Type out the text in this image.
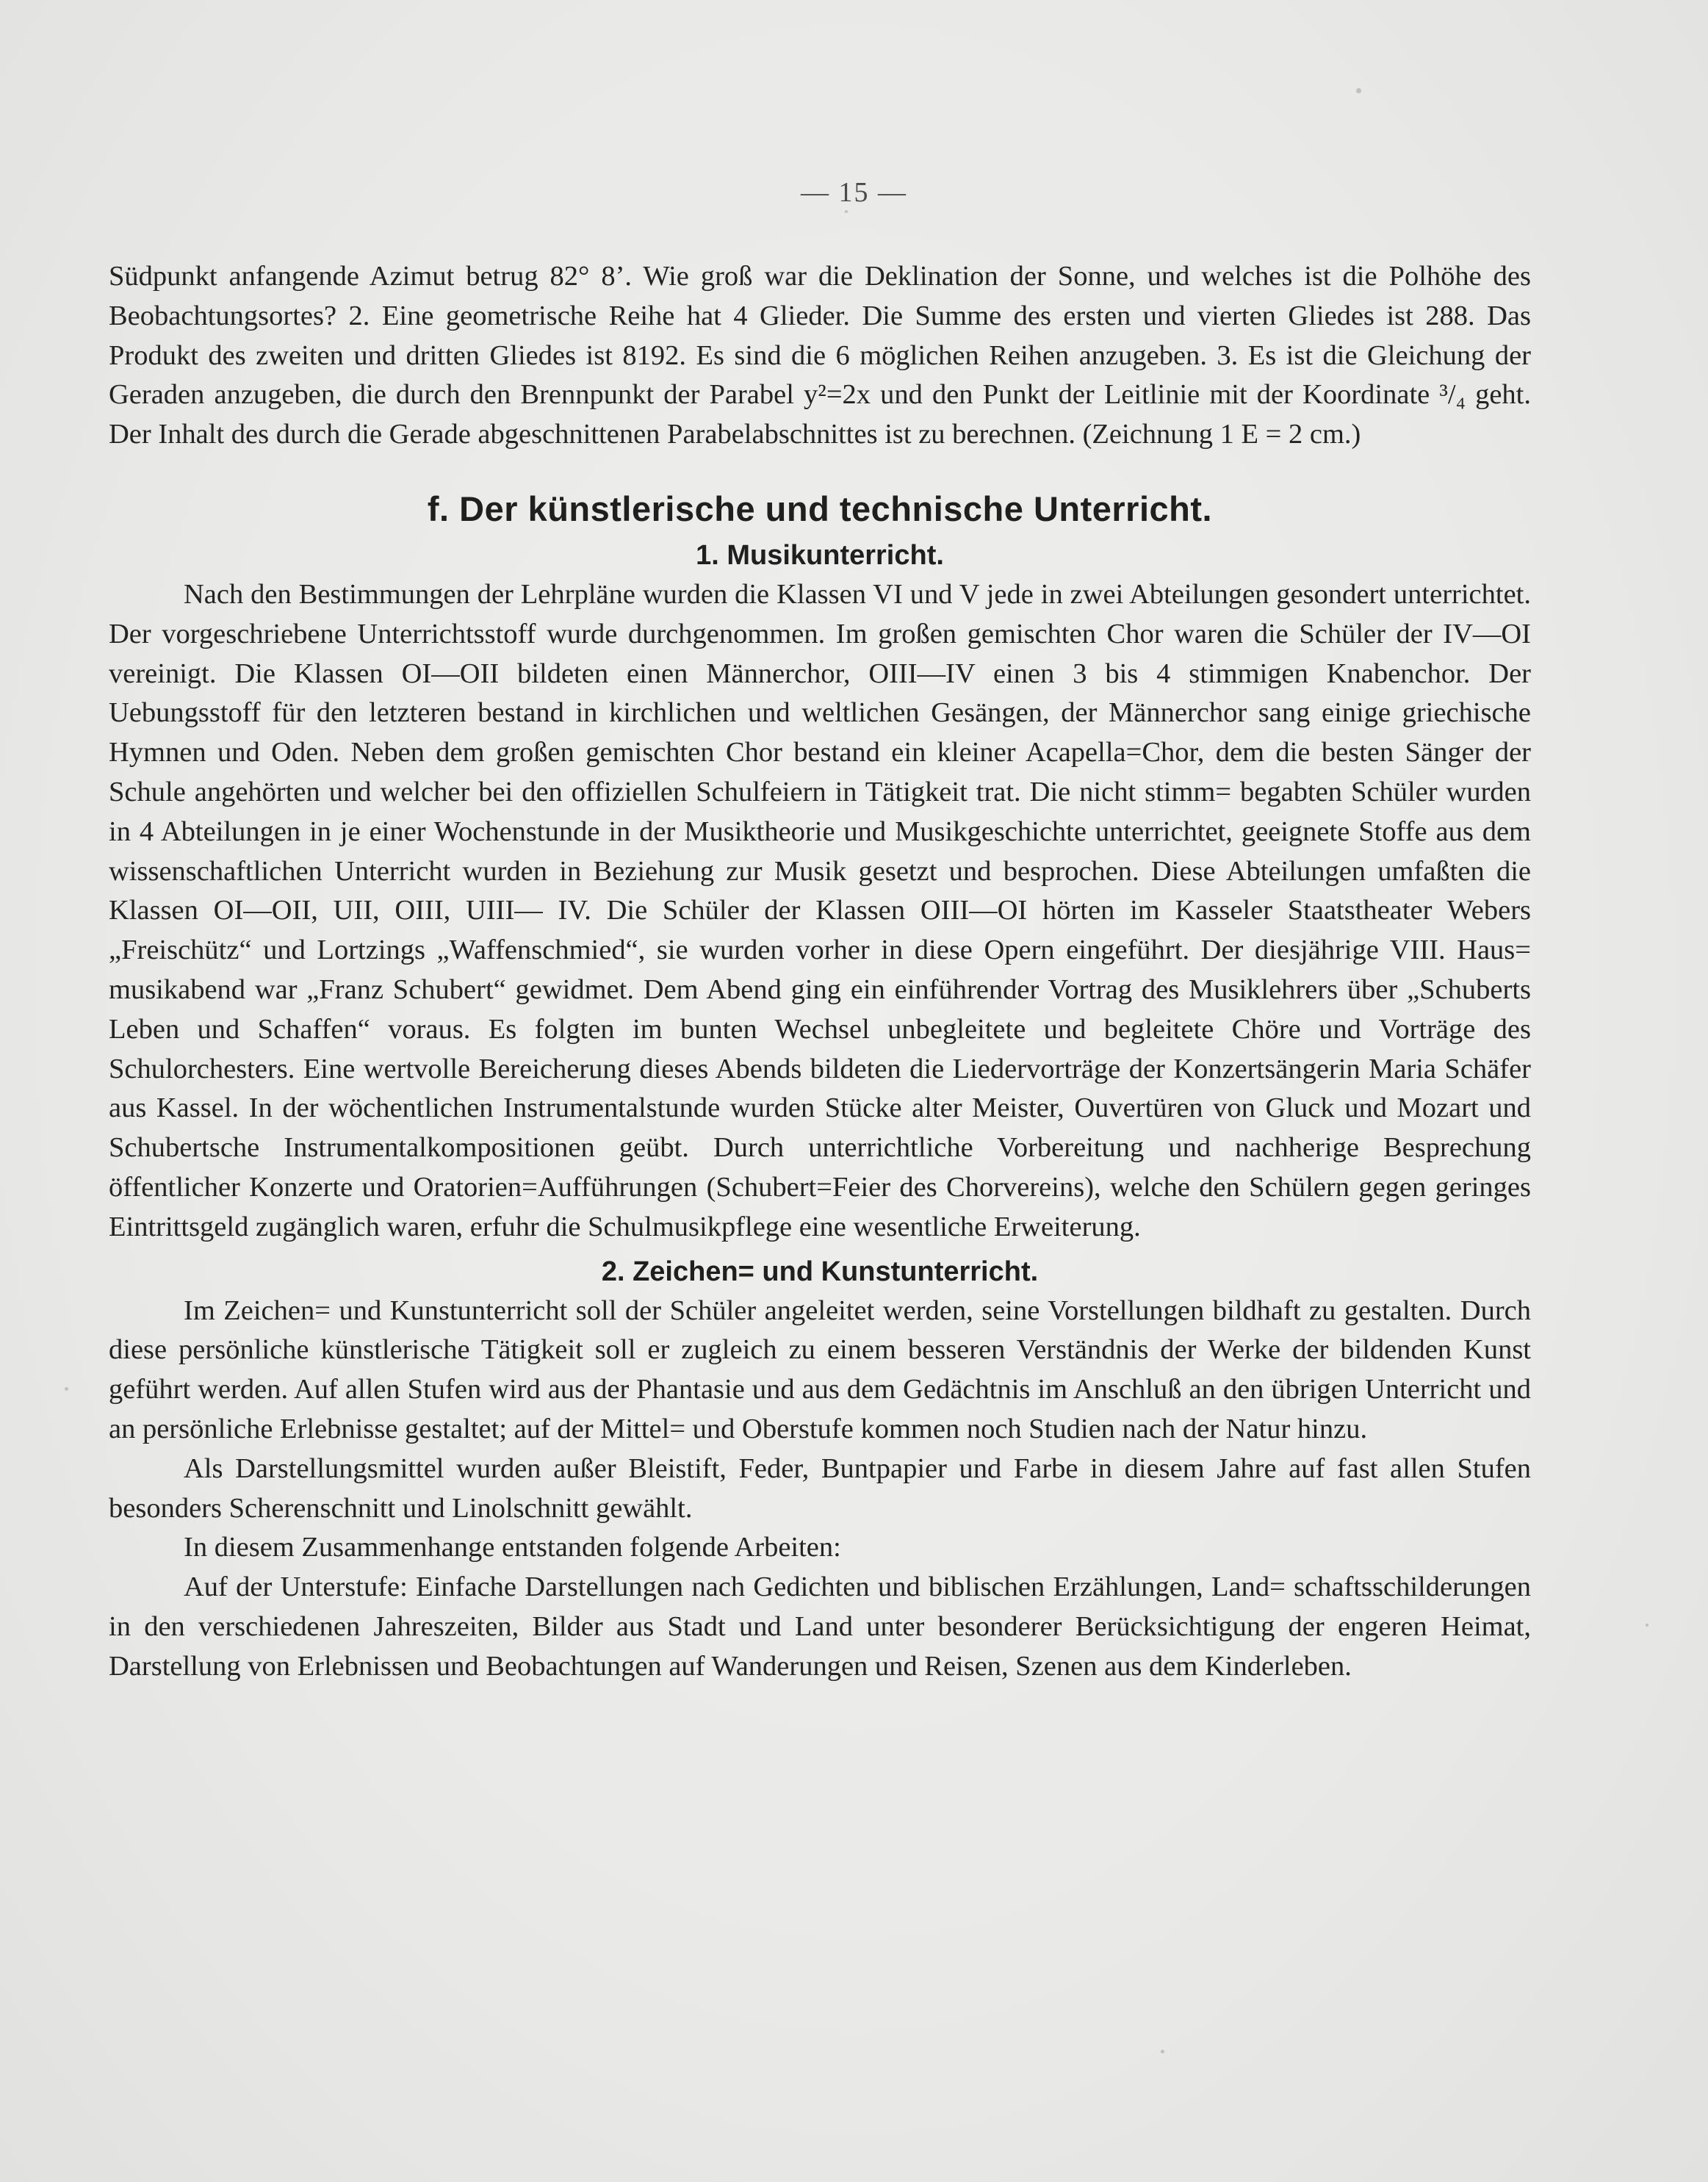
— 15 —

Südpunkt anfangende Azimut betrug 82° 8’. Wie groß war die Deklination der Sonne, und welches ist die Polhöhe des Beobachtungsortes? 2. Eine geometrische Reihe hat 4 Glieder. Die Summe des ersten und vierten Gliedes ist 288. Das Produkt des zweiten und dritten Gliedes ist 8192. Es sind die 6 möglichen Reihen anzugeben. 3. Es ist die Gleichung der Geraden anzugeben, die durch den Brennpunkt der Parabel y²=2x und den Punkt der Leitlinie mit der Koordinate ³/₄ geht. Der Inhalt des durch die Gerade abgeschnittenen Parabelabschnittes ist zu berechnen. (Zeichnung 1 E = 2 cm.)

f. Der künstlerische und technische Unterricht.
1. Musikunterricht.

Nach den Bestimmungen der Lehrpläne wurden die Klassen VI und V jede in zwei Abteilungen gesondert unterrichtet. Der vorgeschriebene Unterrichtsstoff wurde durchgenommen. Im großen gemischten Chor waren die Schüler der IV—OI vereinigt. Die Klassen OI—OII bildeten einen Männerchor, OIII—IV einen 3 bis 4 stimmigen Knabenchor. Der Uebungsstoff für den letzteren bestand in kirchlichen und weltlichen Gesängen, der Männerchor sang einige griechische Hymnen und Oden. Neben dem großen gemischten Chor bestand ein kleiner Acapella=Chor, dem die besten Sänger der Schule angehörten und welcher bei den offiziellen Schulfeiern in Tätigkeit trat. Die nicht stimm= begabten Schüler wurden in 4 Abteilungen in je einer Wochenstunde in der Musiktheorie und Musikgeschichte unterrichtet, geeignete Stoffe aus dem wissenschaftlichen Unterricht wurden in Beziehung zur Musik gesetzt und besprochen. Diese Abteilungen umfaßten die Klassen OI—OII, UII, OIII, UIII— IV. Die Schüler der Klassen OIII—OI hörten im Kasseler Staatstheater Webers „Freischütz“ und Lortzings „Waffenschmied“, sie wurden vorher in diese Opern eingeführt. Der diesjährige VIII. Haus= musikabend war „Franz Schubert“ gewidmet. Dem Abend ging ein einführender Vortrag des Musiklehrers über „Schuberts Leben und Schaffen“ voraus. Es folgten im bunten Wechsel unbegleitete und begleitete Chöre und Vorträge des Schulorchesters. Eine wertvolle Bereicherung dieses Abends bildeten die Liedervorträge der Konzertsängerin Maria Schäfer aus Kassel. In der wöchentlichen Instrumentalstunde wurden Stücke alter Meister, Ouvertüren von Gluck und Mozart und Schubertsche Instrumentalkompositionen geübt. Durch unterrichtliche Vorbereitung und nachherige Besprechung öffentlicher Konzerte und Oratorien=Aufführungen (Schubert=Feier des Chorvereins), welche den Schülern gegen geringes Eintrittsgeld zugänglich waren, erfuhr die Schulmusikpflege eine wesentliche Erweiterung.

2. Zeichen= und Kunstunterricht.

Im Zeichen= und Kunstunterricht soll der Schüler angeleitet werden, seine Vorstellungen bildhaft zu gestalten. Durch diese persönliche künstlerische Tätigkeit soll er zugleich zu einem besseren Verständnis der Werke der bildenden Kunst geführt werden. Auf allen Stufen wird aus der Phantasie und aus dem Gedächtnis im Anschluß an den übrigen Unterricht und an persönliche Erlebnisse gestaltet; auf der Mittel= und Oberstufe kommen noch Studien nach der Natur hinzu.

Als Darstellungsmittel wurden außer Bleistift, Feder, Buntpapier und Farbe in diesem Jahre auf fast allen Stufen besonders Scherenschnitt und Linolschnitt gewählt.

In diesem Zusammenhange entstanden folgende Arbeiten:

Auf der Unterstufe: Einfache Darstellungen nach Gedichten und biblischen Erzählungen, Land= schaftsschilderungen in den verschiedenen Jahreszeiten, Bilder aus Stadt und Land unter besonderer Berücksichtigung der engeren Heimat, Darstellung von Erlebnissen und Beobachtungen auf Wanderungen und Reisen, Szenen aus dem Kinderleben.
